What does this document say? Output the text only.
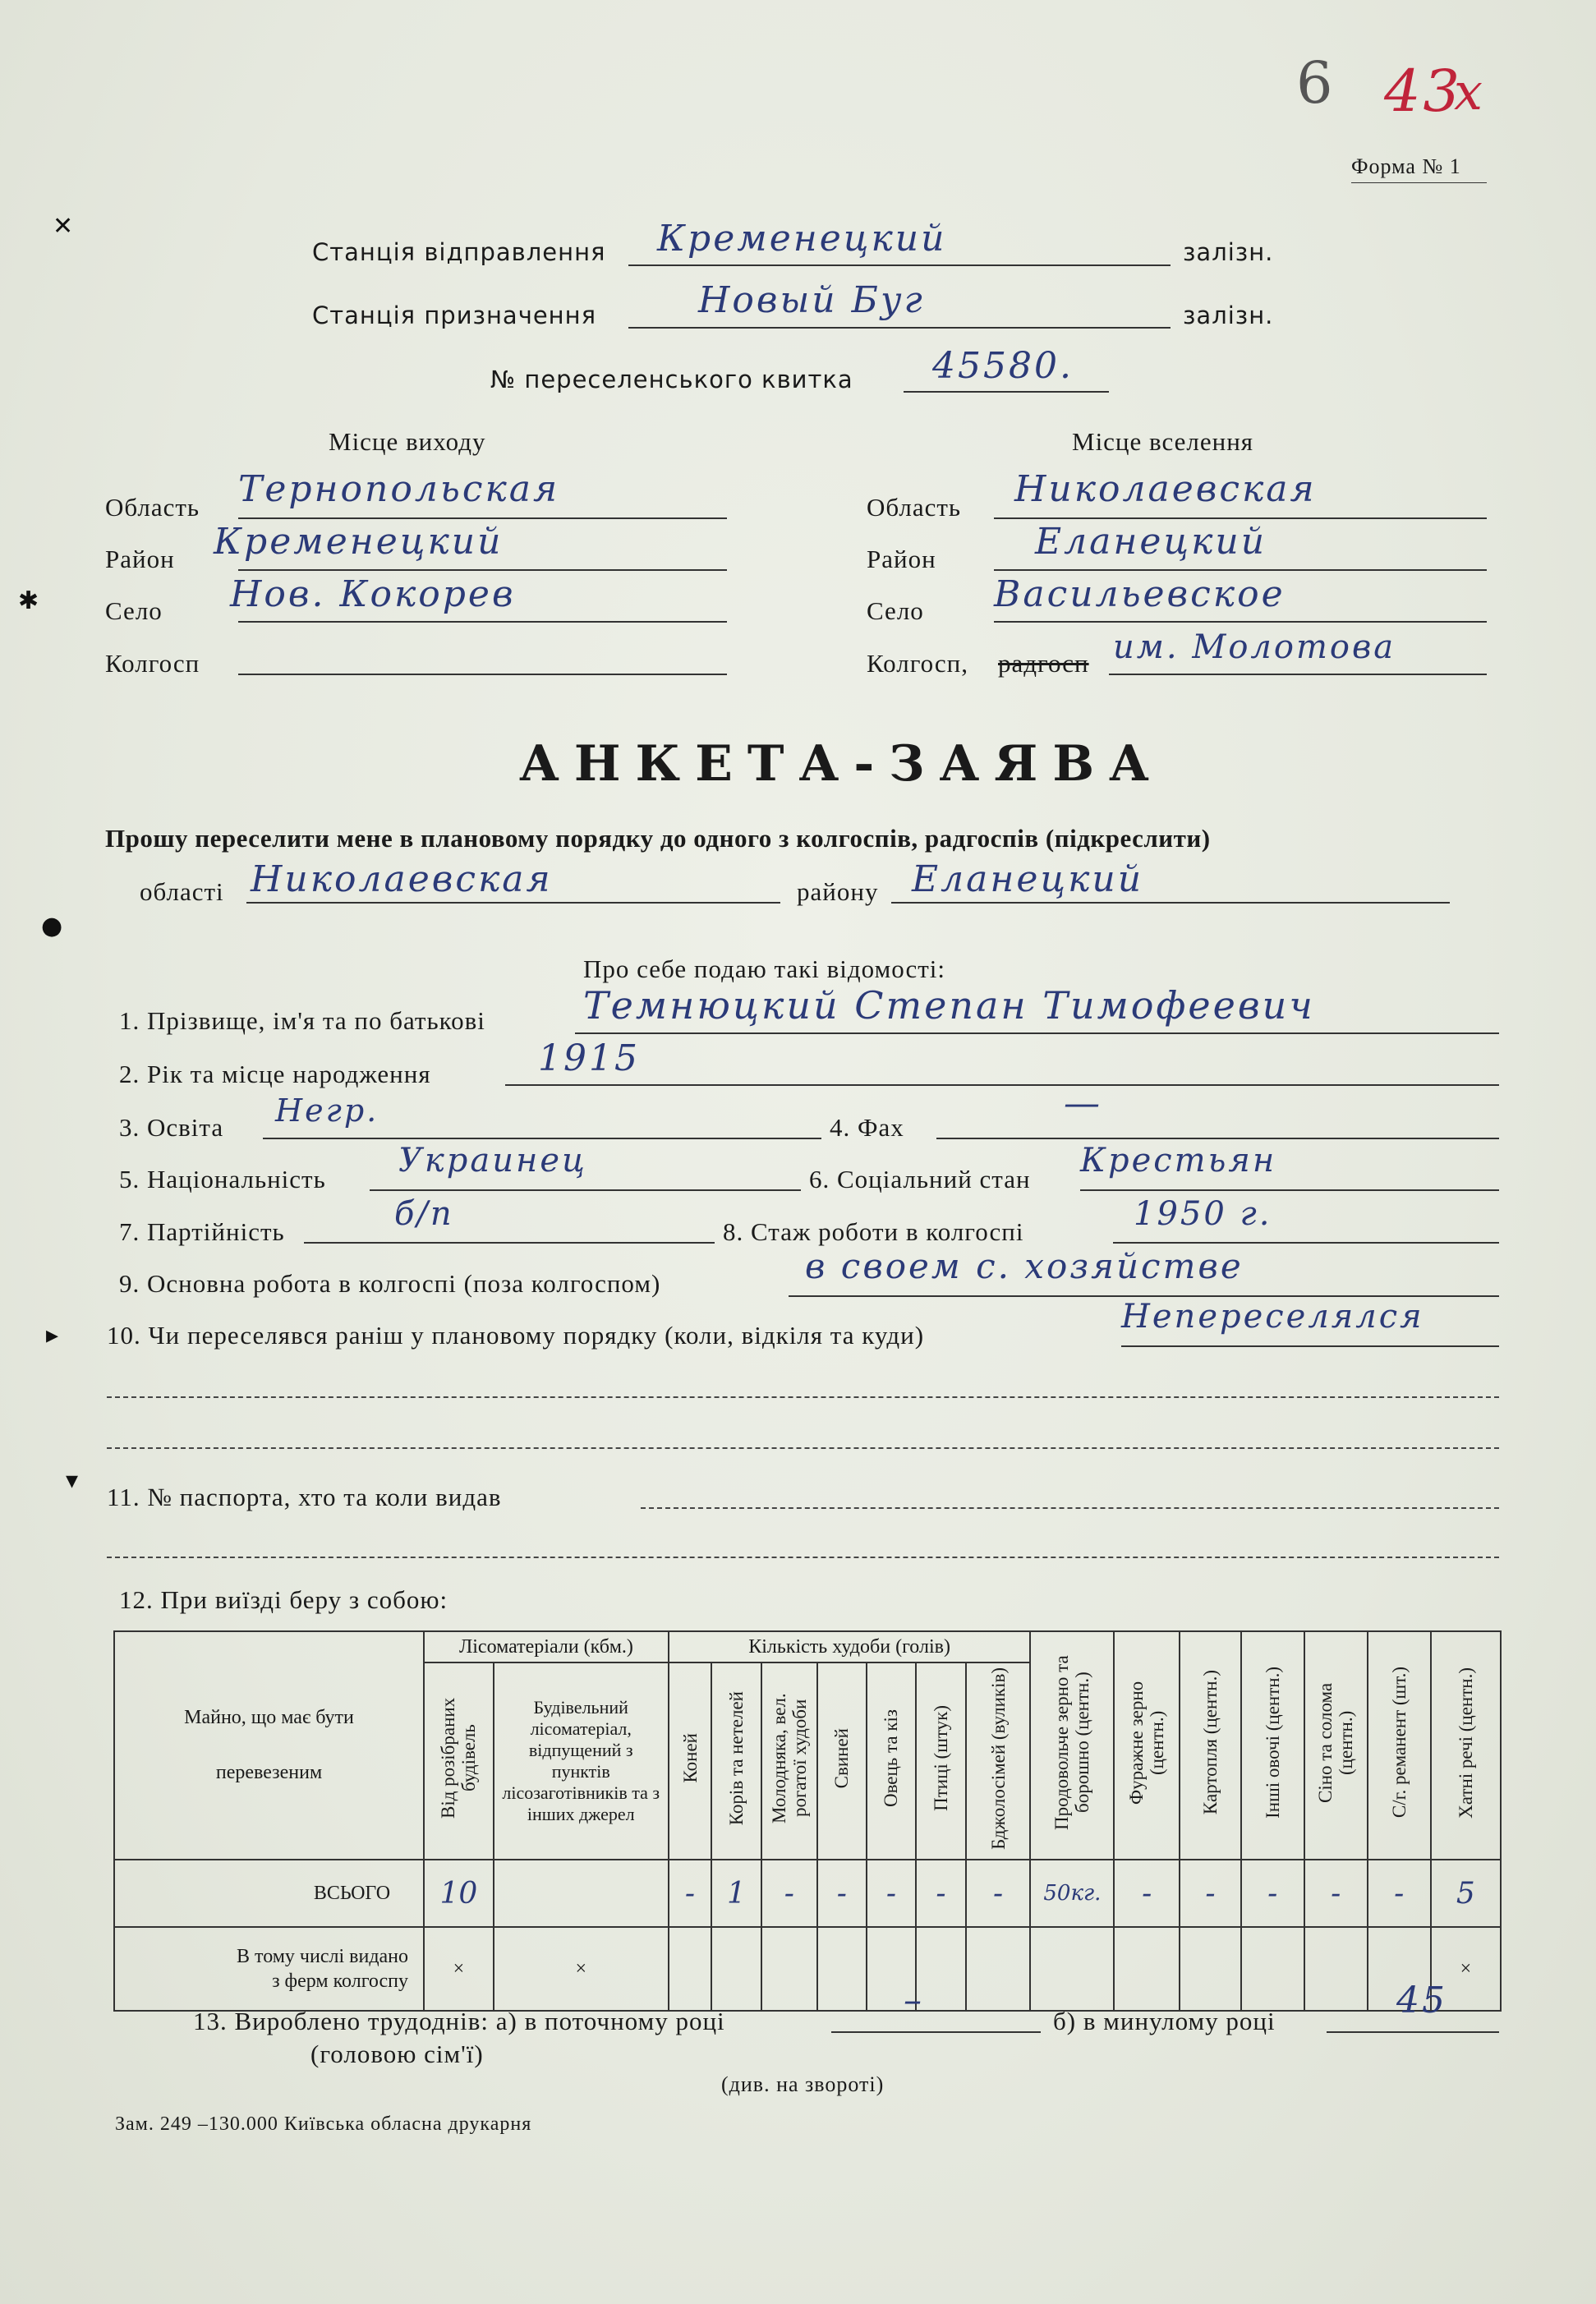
6 43
x
Форма № 1
✕
✱
●
▸
▾
Станція відправлення Кременецкий	залізн.
Станція призначення	Новый Буг	залізн.
№ переселенського квитка 45580.
Місце виходу	Місце вселення
Область Тернопольская
Район Кременецкий
Село Нов. Кокорев
Колгосп
Область Николаевская
Район	Еланецкий
Село Васильевское
Колгосп, радгосп им. Молотова
АНКЕТА-ЗАЯВА
Прошу переселити мене в плановому порядку до одного з колгоспів, радгоспів (підкреслити)
області Николаевская	району Еланецкий
Про себе подаю такі відомості:
1. Прізвище, ім'я та по батькові	Темнюцкий Степан Тимофеевич
2. Рік та місце народження	1915
3. Освіта Негр.	4. Фах
—
5. Національність Украинец	6. Соціальний стан Крестьян
7. Партійність	б/п	8. Стаж роботи в колгоспі	1950 г.
9. Основна робота в колгоспі (поза колгоспом)	в своем с. хозяйстве
10. Чи переселявся раніш у плановому порядку (коли, відкіля та куди)	Непереселялся
11. № паспорта, хто та коли видав
12. При виїзді беру з собою:
Майно, що має бути
перевезеним	Лісоматеріали (кбм.)		Кількість худоби (голів)							Продовольче зерно та борошно (центн.)	Фуражне зерно (центн.)	Картопля (центн.)	Інші овочі (центн.)	Сіно та солома (центн.)	С/г. реманент (шт.)	Хатні речі (центн.)
	Від розібраних будівель	Будівельний лісоматеріал, відпущений з пунктів лісозаготівників та з інших джерел	Коней	Корів та нетелей	Молодняка, вел. рогатої худоби	Свиней	Овець та кіз	Птиці (штук)	Бджолосімей (вуликів)							
ВСЬОГО	10		-	1	-	-	-	-	-	50кг.	-	-	-	-	-	5

В тому числі видано
з ферм колгоспу	×	×														×
13. Вироблено трудоднів: а) в поточному році	–	б) в минулому році	45
(головою сім'ї)
(див. на звороті)
Зам. 249 –130.000 Київська обласна друкарня
